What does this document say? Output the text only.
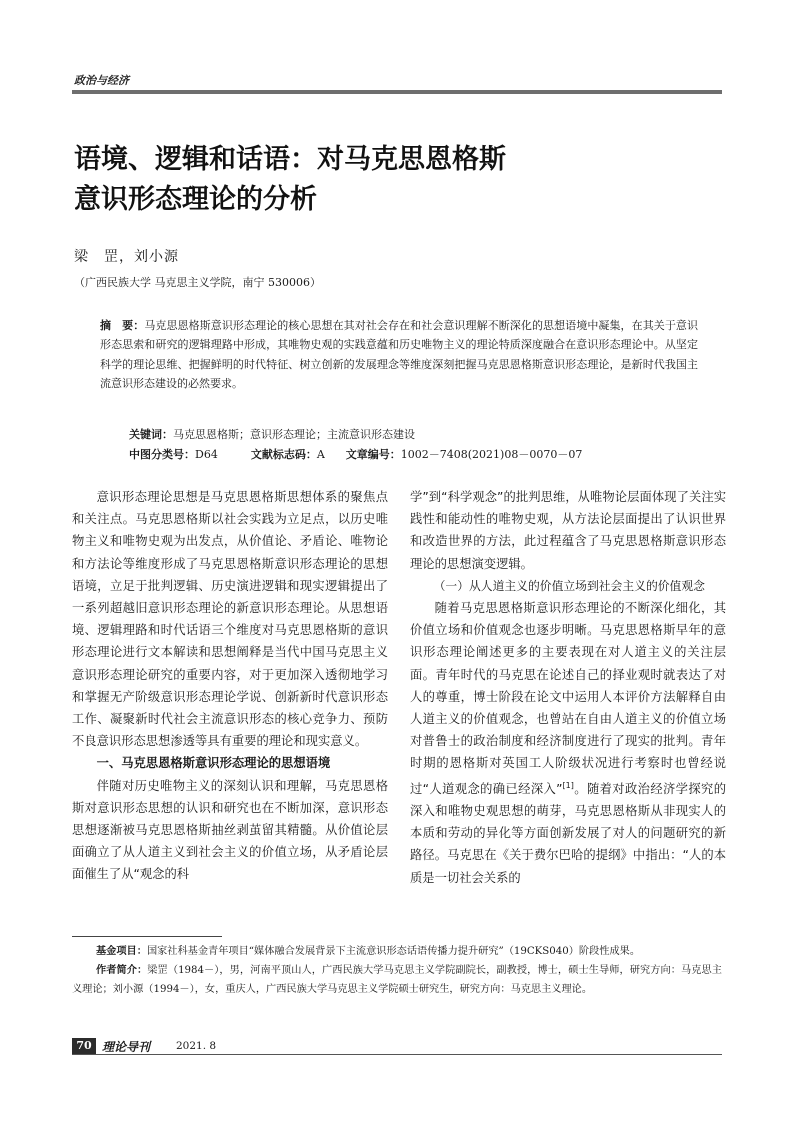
政治与经济
语境、逻辑和话语：对马克思恩格斯
意识形态理论的分析
梁　罡，刘小源
（广西民族大学 马克思主义学院，南宁 530006）
摘　要：马克思恩格斯意识形态理论的核心思想在其对社会存在和社会意识理解不断深化的思想语境中凝集，在其关于意识形态思索和研究的逻辑理路中形成，其唯物史观的实践意蕴和历史唯物主义的理论特质深度融合在意识形态理论中。从坚定科学的理论思维、把握鲜明的时代特征、树立创新的发展理念等维度深刻把握马克思恩格斯意识形态理论，是新时代我国主流意识形态建设的必然要求。
关键词：马克思恩格斯；意识形态理论；主流意识形态建设
中图分类号：D64	文献标志码：A 文章编号：1002－7408(2021)08－0070－07

意识形态理论思想是马克思恩格斯思想体系的聚焦点和关注点。马克思恩格斯以社会实践为立足点，以历史唯物主义和唯物史观为出发点，从价值论、矛盾论、唯物论和方法论等维度形成了马克思恩格斯意识形态理论的思想语境，立足于批判逻辑、历史演进逻辑和现实逻辑提出了一系列超越旧意识形态理论的新意识形态理论。从思想语境、逻辑理路和时代话语三个维度对马克思恩格斯的意识形态理论进行文本解读和思想阐释是当代中国马克思主义意识形态理论研究的重要内容，对于更加深入透彻地学习和掌握无产阶级意识形态理论学说、创新新时代意识形态工作、凝聚新时代社会主流意识形态的核心竞争力、预防不良意识形态思想渗透等具有重要的理论和现实意义。

一、马克思恩格斯意识形态理论的思想语境

伴随对历史唯物主义的深刻认识和理解，马克思恩格斯对意识形态思想的认识和研究也在不断加深，意识形态思想逐渐被马克思恩格斯抽丝剥茧留其精髓。从价值论层面确立了从人道主义到社会主义的价值立场，从矛盾论层面催生了从“观念的科

学”到“科学观念”的批判思维，从唯物论层面体现了关注实践性和能动性的唯物史观，从方法论层面提出了认识世界和改造世界的方法，此过程蕴含了马克思恩格斯意识形态理论的思想演变逻辑。

（一）从人道主义的价值立场到社会主义的价值观念

随着马克思恩格斯意识形态理论的不断深化细化，其价值立场和价值观念也逐步明晰。马克思恩格斯早年的意识形态理论阐述更多的主要表现在对人道主义的关注层面。青年时代的马克思在论述自己的择业观时就表达了对人的尊重，博士阶段在论文中运用人本评价方法解释自由人道主义的价值观念，也曾站在自由人道主义的价值立场对普鲁士的政治制度和经济制度进行了现实的批判。青年时期的恩格斯对英国工人阶级状况进行考察时也曾经说过“人道观念的确已经深入”[1]。随着对政治经济学探究的深入和唯物史观思想的萌芽，马克思恩格斯从非现实人的本质和劳动的异化等方面创新发展了对人的问题研究的新路径。马克思在《关于费尔巴哈的提纲》中指出：“人的本质是一切社会关系的

基金项目：国家社科基金青年项目“媒体融合发展背景下主流意识形态话语传播力提升研究”（19CKS040）阶段性成果。

作者简介：梁罡（1984－），男，河南平顶山人，广西民族大学马克思主义学院副院长，副教授，博士，硕士生导师，研究方向：马克思主义理论；刘小源（1994－），女，重庆人，广西民族大学马克思主义学院硕士研究生，研究方向：马克思主义理论。

70 理论导刊 2021. 8
